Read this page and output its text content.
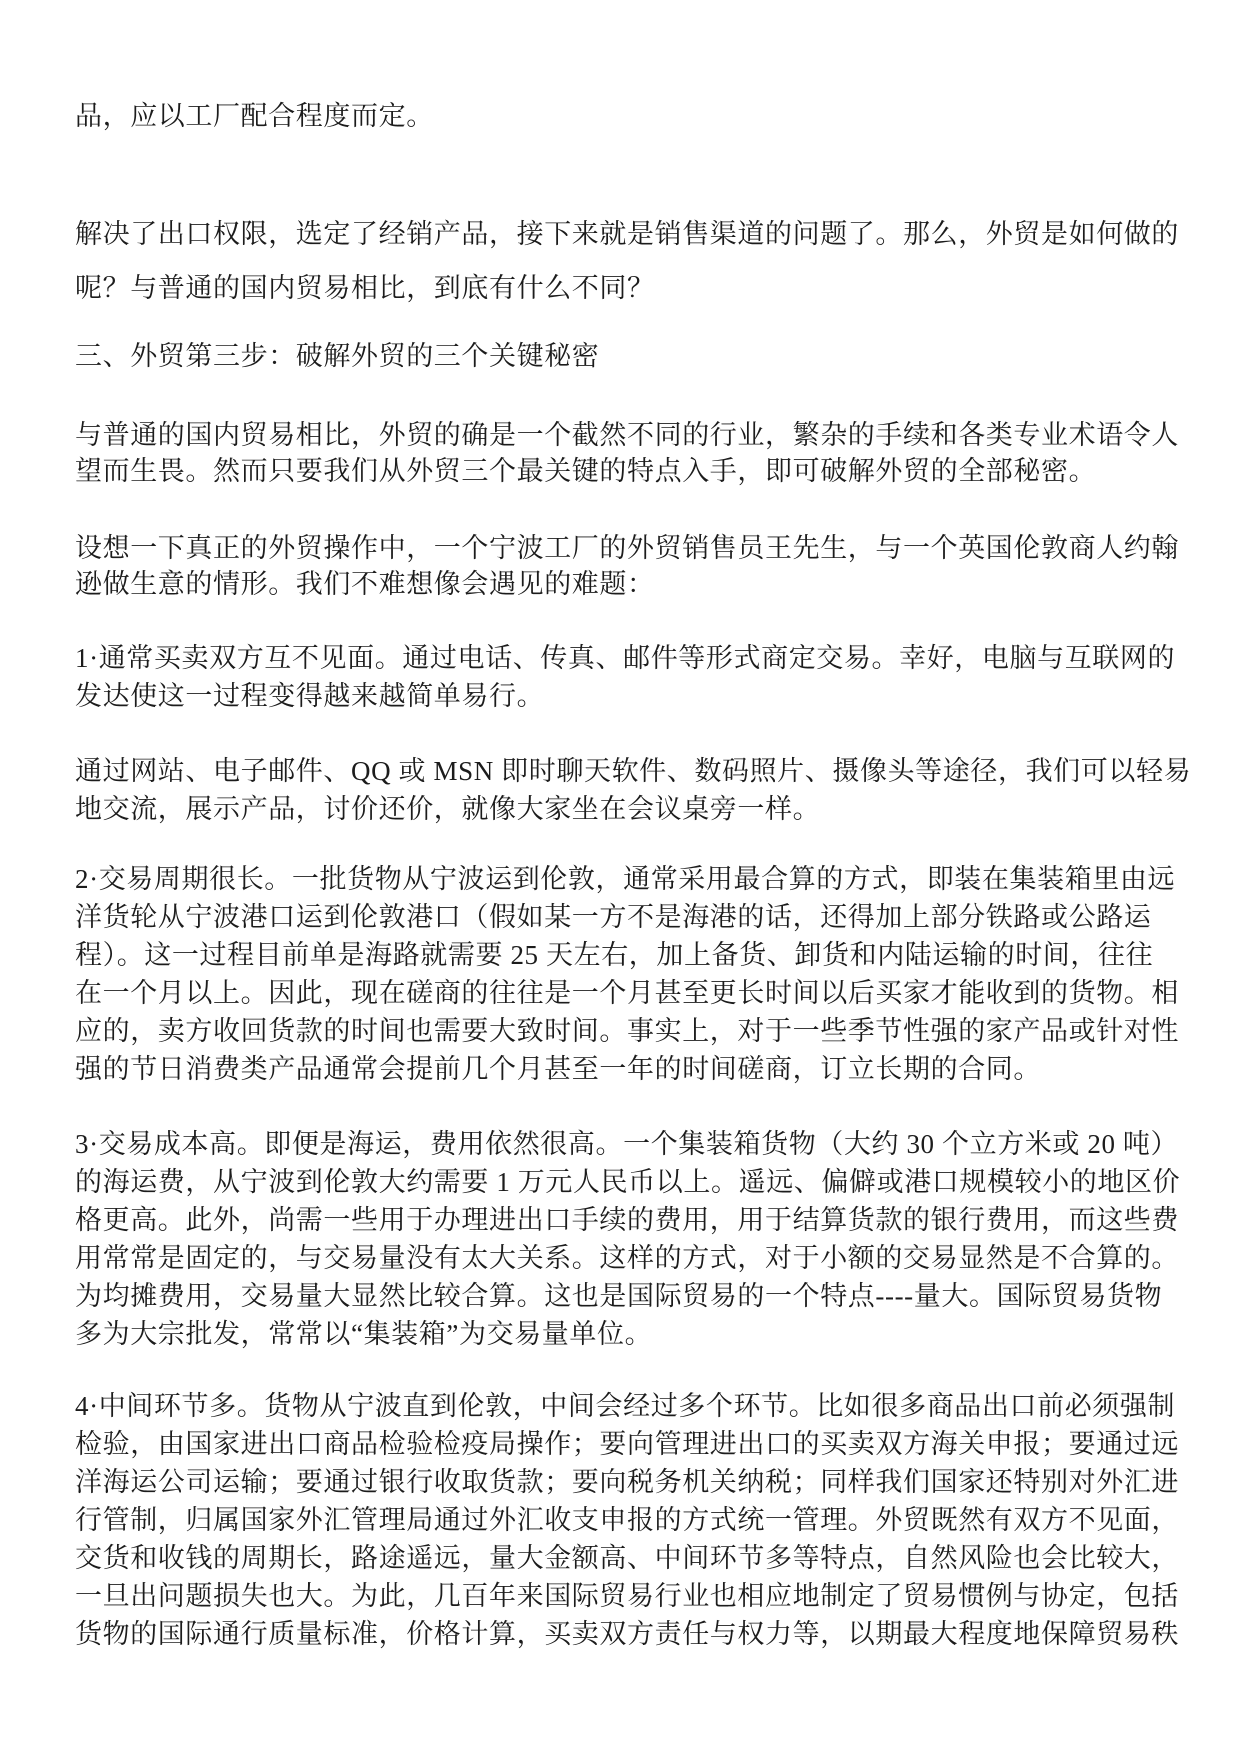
品，应以工厂配合程度而定。
解决了出口权限，选定了经销产品，接下来就是销售渠道的问题了。那么，外贸是如何做的
呢？与普通的国内贸易相比，到底有什么不同？
三、外贸第三步：破解外贸的三个关键秘密
与普通的国内贸易相比，外贸的确是一个截然不同的行业，繁杂的手续和各类专业术语令人
望而生畏。然而只要我们从外贸三个最关键的特点入手，即可破解外贸的全部秘密。
设想一下真正的外贸操作中，一个宁波工厂的外贸销售员王先生，与一个英国伦敦商人约翰
逊做生意的情形。我们不难想像会遇见的难题：
1·通常买卖双方互不见面。通过电话、传真、邮件等形式商定交易。幸好，电脑与互联网的
发达使这一过程变得越来越简单易行。
通过网站、电子邮件、QQ 或 MSN 即时聊天软件、数码照片、摄像头等途径，我们可以轻易
地交流，展示产品，讨价还价，就像大家坐在会议桌旁一样。
2·交易周期很长。一批货物从宁波运到伦敦，通常采用最合算的方式，即装在集装箱里由远
洋货轮从宁波港口运到伦敦港口（假如某一方不是海港的话，还得加上部分铁路或公路运
程）。这一过程目前单是海路就需要 25 天左右，加上备货、卸货和内陆运输的时间，往往
在一个月以上。因此，现在磋商的往往是一个月甚至更长时间以后买家才能收到的货物。相
应的，卖方收回货款的时间也需要大致时间。事实上，对于一些季节性强的家产品或针对性
强的节日消费类产品通常会提前几个月甚至一年的时间磋商，订立长期的合同。
3·交易成本高。即便是海运，费用依然很高。一个集装箱货物（大约 30 个立方米或 20 吨）
的海运费，从宁波到伦敦大约需要 1 万元人民币以上。遥远、偏僻或港口规模较小的地区价
格更高。此外，尚需一些用于办理进出口手续的费用，用于结算货款的银行费用，而这些费
用常常是固定的，与交易量没有太大关系。这样的方式，对于小额的交易显然是不合算的。
为均摊费用，交易量大显然比较合算。这也是国际贸易的一个特点----量大。国际贸易货物
多为大宗批发，常常以“集装箱”为交易量单位。
4·中间环节多。货物从宁波直到伦敦，中间会经过多个环节。比如很多商品出口前必须强制
检验，由国家进出口商品检验检疫局操作；要向管理进出口的买卖双方海关申报；要通过远
洋海运公司运输；要通过银行收取货款；要向税务机关纳税；同样我们国家还特别对外汇进
行管制，归属国家外汇管理局通过外汇收支申报的方式统一管理。外贸既然有双方不见面，
交货和收钱的周期长，路途遥远，量大金额高、中间环节多等特点，自然风险也会比较大，
一旦出问题损失也大。为此，几百年来国际贸易行业也相应地制定了贸易惯例与协定，包括
货物的国际通行质量标准，价格计算，买卖双方责任与权力等，以期最大程度地保障贸易秩
